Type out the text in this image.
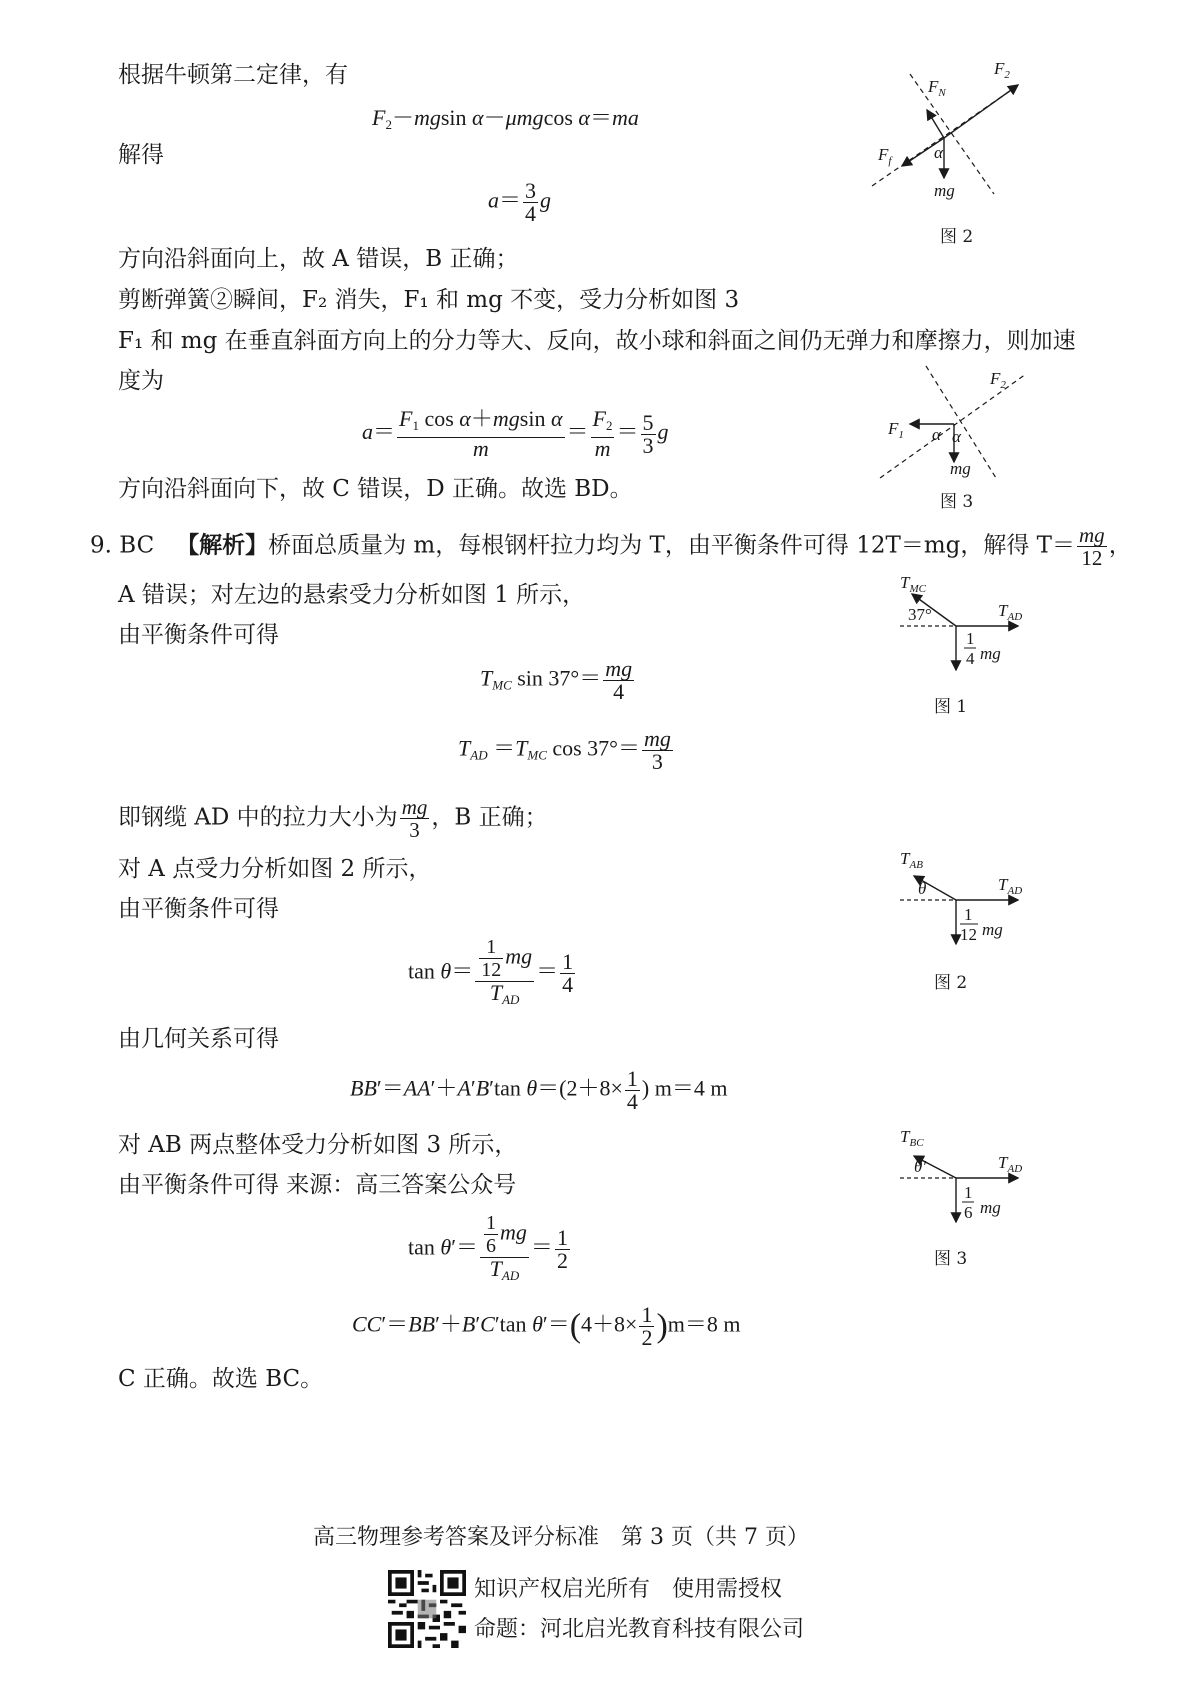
根据牛顿第二定律，有
$F_2-mgsin$ α－μmgcos α＝ma
解得
$a= \frac{3}{4}$ g
方向沿斜面向上，故 A 错误，B 正确；
剪断弹簧②瞬间，F₂ 消失，F₁ 和 mg 不变，受力分析如图 3
F₁ 和 mg 在垂直斜面方向上的分力等大、反向，故小球和斜面之间仍无弹力和摩擦力，则加速
度为
$a= \frac{F_1 \cos \alpha+mgsin \alpha}{m} = \frac{F_2}{m} = \frac{5}{3}$ g
方向沿斜面向下，故 C 错误，D 正确。故选 BD。
$F_2$
$F_N$
$F_f$	α
mg
图 2
$F_2$
$F_1$ α α
mg
图 3
9. BC 【解析】桥面总质量为 m，每根钢杆拉力均为 T，由平衡条件可得 12T＝mg，解得 $T= \frac{mg}{12}$ ，
A 错误；对左边的悬索受力分析如图 1 所示，
由平衡条件可得
$T_{MC}$ $\sin 37^\circ= \frac{mg}{4}$
$T_{AD} =T_{MC}$ $\cos 37^\circ= \frac{mg}{3}$
即钢缆 AD 中的拉力大小为 $\frac{mg}{3}$ ，B 正确；
对 A 点受力分析如图 2 所示，
由平衡条件可得
$\tan \theta= \frac{\frac{1}{12} mg}{T_{AD}} = \frac{1}{4}$
由几何关系可得
BB′＝AA′＋A′B′tan $\theta=(2+8\times \frac{1}{4}$ ) m＝4 m
对 AB 两点整体受力分析如图 3 所示，
由平衡条件可得 来源：高三答案公众号
$\tan \theta'= \frac{\frac{1}{6} mg}{T_{AD}} = \frac{1}{2}$
CC′＝BB′＋B′C′tan $\theta'=(4+8\times \frac{1}{2} )m=8$ m
C 正确。故选 BC。
$T_{MC}$
37°	$T_{AD}$
1
4 mg
图 1
$T_{AB}$
θ	$T_{AD}$
1
12 mg
图 2
$T_{BC}$
θ′	$T_{AD}$
1
6 mg
图 3
高三物理参考答案及评分标准　第 3 页（共 7 页）
知识产权启光所有　使用需授权
命题：河北启光教育科技有限公司
